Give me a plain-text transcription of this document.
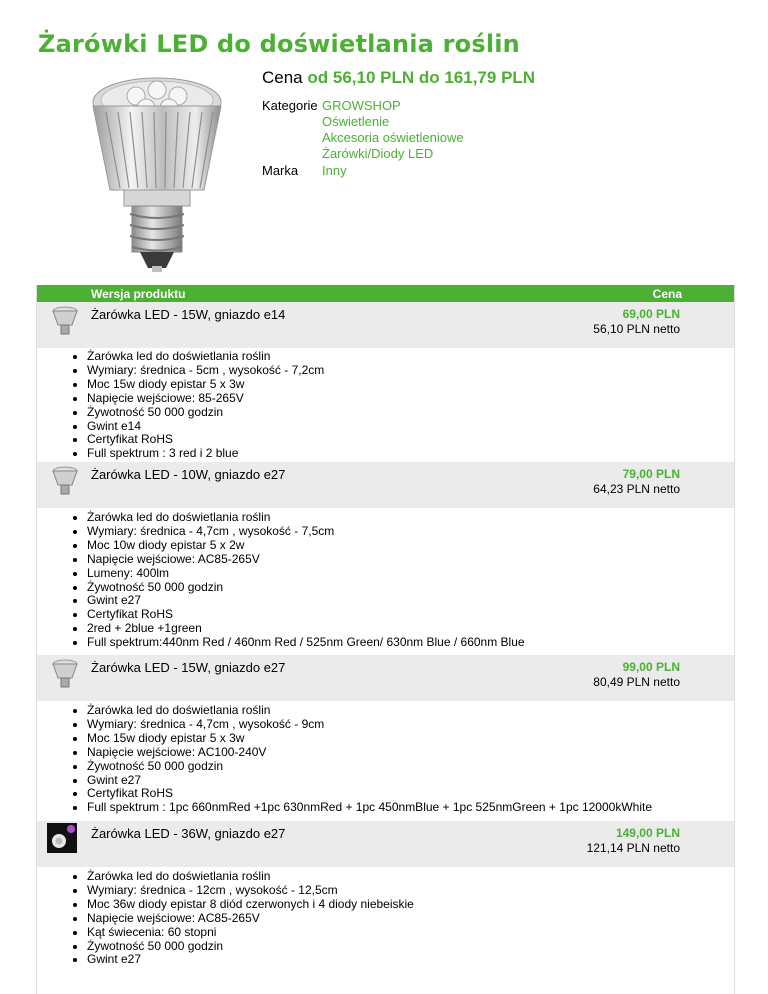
Żarówki LED do doświetlania roślin
Cena od 56,10 PLN do 161,79 PLN
Kategorie GROWSHOP
Oświetlenie
Akcesoria oświetleniowe
Żarówki/Diody LED
Marka Inny
Wersja produktu	Cena
Żarówka LED - 15W, gniazdo e14	69,00 PLN
56,10 PLN netto
• Żarówka led do doświetlania roślin
• Wymiary: średnica - 5cm , wysokość - 7,2cm
• Moc 15w diody epistar 5 x 3w
• Napięcie wejściowe: 85-265V
• Żywotność 50 000 godzin
• Gwint e14
• Certyfikat RoHS
• Full spektrum : 3 red i 2 blue
Żarówka LED - 10W, gniazdo e27	79,00 PLN
64,23 PLN netto
• Żarówka led do doświetlania roślin
• Wymiary: średnica - 4,7cm , wysokość - 7,5cm
• Moc 10w diody epistar 5 x 2w
• Napięcie wejściowe: AC85-265V
• Lumeny: 400lm
• Żywotność 50 000 godzin
• Gwint e27
• Certyfikat RoHS
• 2red + 2blue +1green
• Full spektrum:440nm Red / 460nm Red / 525nm Green/ 630nm Blue / 660nm Blue
Żarówka LED - 15W, gniazdo e27	99,00 PLN
80,49 PLN netto
• Żarówka led do doświetlania roślin
• Wymiary: średnica - 4,7cm , wysokość - 9cm
• Moc 15w diody epistar 5 x 3w
• Napięcie wejściowe: AC100-240V
• Żywotność 50 000 godzin
• Gwint e27
• Certyfikat RoHS
• Full spektrum : 1pc 660nmRed +1pc 630nmRed + 1pc 450nmBlue + 1pc 525nmGreen + 1pc 12000kWhite
Żarówka LED - 36W, gniazdo e27	149,00 PLN
121,14 PLN netto
• Żarówka led do doświetlania roślin
• Wymiary: średnica - 12cm , wysokość - 12,5cm
• Moc 36w diody epistar 8 diód czerwonych i 4 diody niebeiskie
• Napięcie wejściowe: AC85-265V
• Kąt świecenia: 60 stopni
• Żywotność 50 000 godzin
• Gwint e27
